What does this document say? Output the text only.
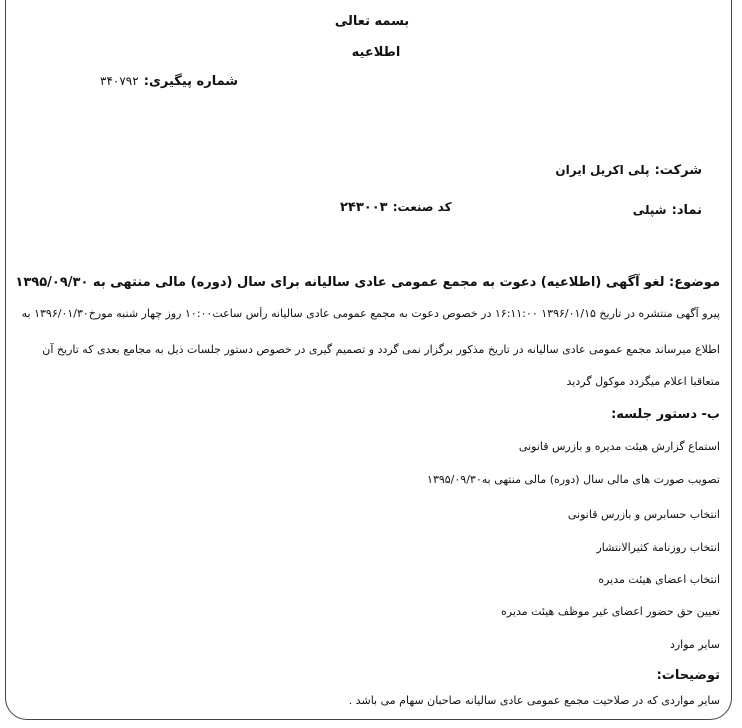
بسمه تعالی
اطلاعیه
شماره پیگیری: ۳۴۰۷۹۲
شرکت: پلی اکریل ایران
نماد: شپلی
کد صنعت: ۲۴۳۰۰۳
موضوع: لغو آگهی (اطلاعیه) دعوت به مجمع عمومی عادی سالیانه برای سال (دوره) مالی منتهی به ۱۳۹۵/۰۹/۳۰
پیرو آگهی منتشره در تاریخ ۱۳۹۶/۰۱/۱۵ ۱۶:۱۱:۰۰ در خصوص دعوت به مجمع عمومی عادی سالیانه رأس ساعت۱۰:۰۰ روز چهار شنبه مورخ۱۳۹۶/۰۱/۳۰ به
اطلاع میرساند مجمع عمومی عادی سالیانه در تاریخ مذکور برگزار نمی گردد و تصمیم گیری در خصوص دستور جلسات ذیل به مجامع بعدی که تاریخ آن
متعاقبا اعلام میگردد موکول گردید
ب- دستور جلسه:
استماع گزارش هیئت مدیره و بازرس قانونی
تصویب صورت های مالی سال (دوره) مالی منتهی به۱۳۹۵/۰۹/۳۰
انتخاب حسابرس و بازرس قانونی
انتخاب روزنامة کثیرالانتشار
انتخاب اعضای هیئت مدیره
تعیین حق حضور اعضای غیر موظف هیئت مدیره
سایر موارد
توضیحات:
سایر مواردی که در صلاحیت مجمع عمومی عادی سالیانه صاحبان سهام می باشد .
